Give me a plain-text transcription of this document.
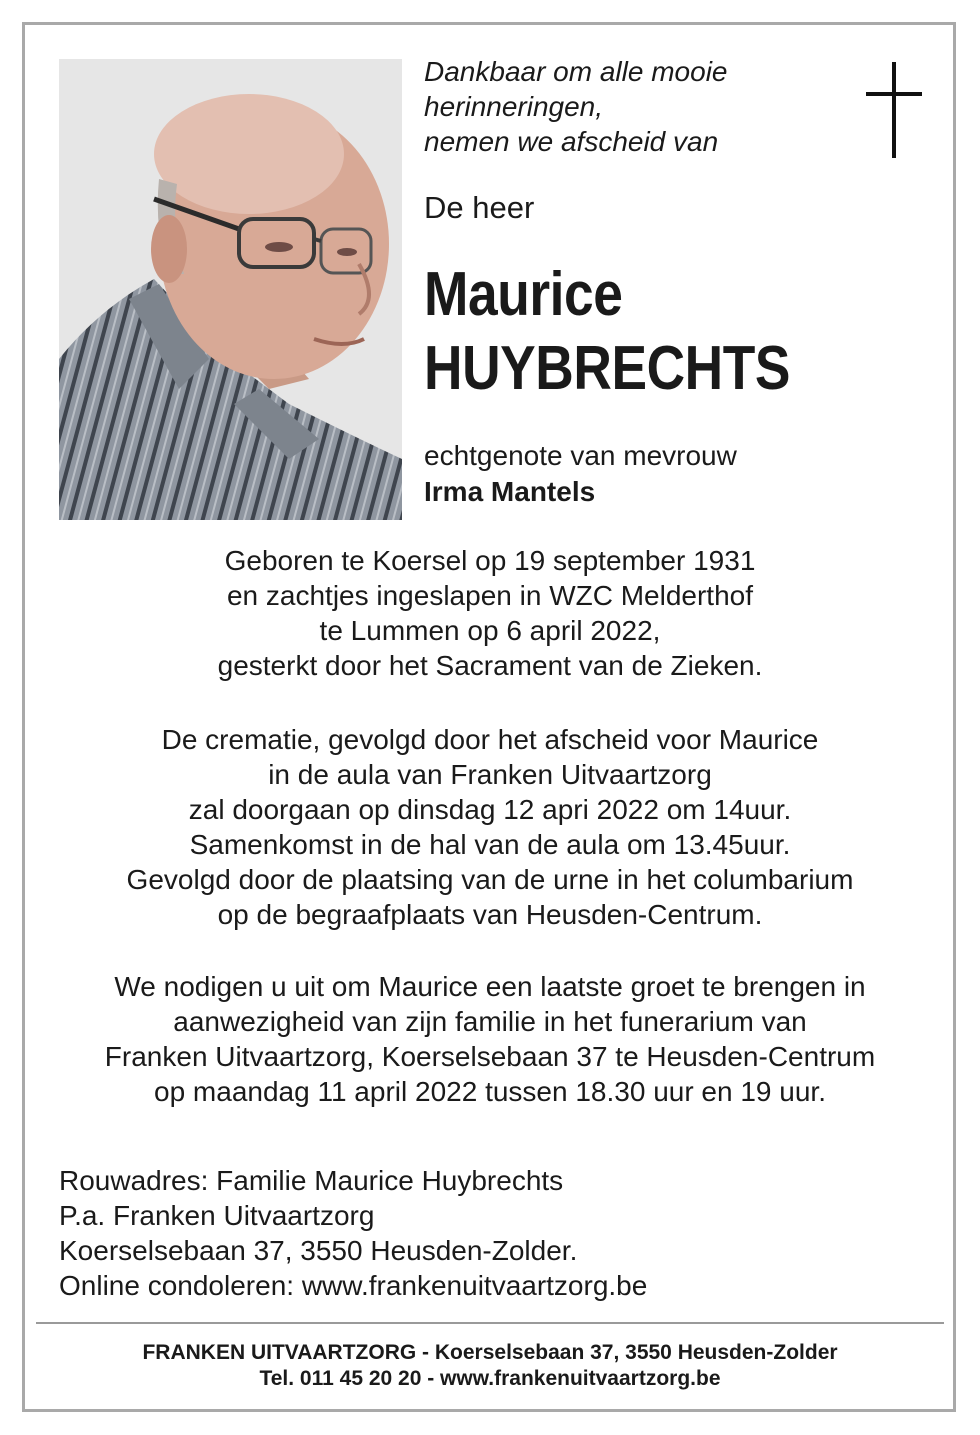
Dankbaar om alle mooie
herinneringen,
nemen we afscheid van
De heer
Maurice
HUYBRECHTS
echtgenote van mevrouw
Irma Mantels
Geboren te Koersel op 19 september 1931
en zachtjes ingeslapen in WZC Melderthof
te Lummen op 6 april 2022,
gesterkt door het Sacrament van de Zieken.
De crematie, gevolgd door het afscheid voor Maurice
in de aula van Franken Uitvaartzorg
zal doorgaan op dinsdag 12 apri 2022 om 14uur.
Samenkomst in de hal van de aula om 13.45uur.
Gevolgd door de plaatsing van de urne in het columbarium
op de begraafplaats van Heusden-Centrum.
We nodigen u uit om Maurice een laatste groet te brengen in
aanwezigheid van zijn familie in het funerarium van
Franken Uitvaartzorg, Koerselsebaan 37 te Heusden-Centrum
op maandag 11 april 2022 tussen 18.30 uur en 19 uur.
Rouwadres: Familie Maurice Huybrechts
P.a. Franken Uitvaartzorg
Koerselsebaan 37, 3550 Heusden-Zolder.
Online condoleren: www.frankenuitvaartzorg.be
FRANKEN UITVAARTZORG - Koerselsebaan 37, 3550 Heusden-Zolder
Tel. 011 45 20 20 - www.frankenuitvaartzorg.be
